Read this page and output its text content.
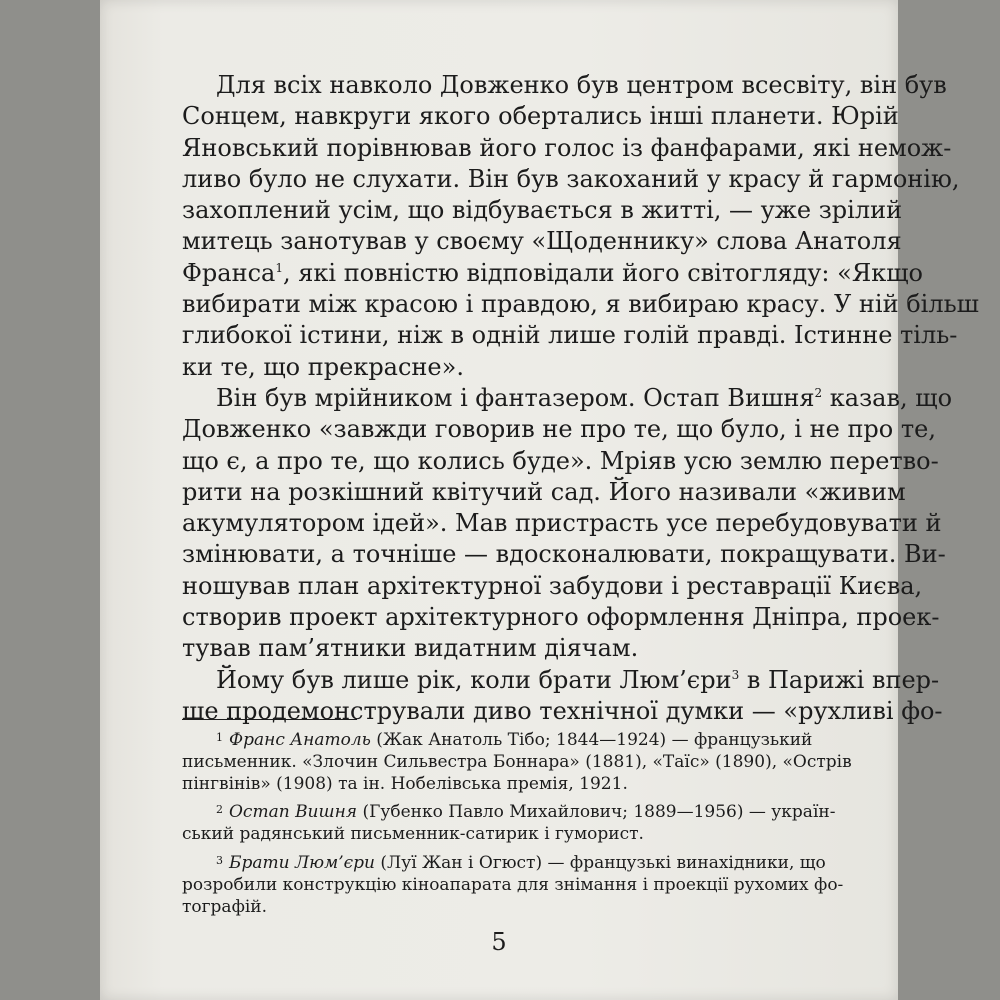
Для всіх навколо Довженко був центром всесвіту, він був
Сонцем, навкруги якого обертались інші планети. Юрій
Яновський порівнював його голос із фанфарами, які немож-
ливо було не слухати. Він був закоханий у красу й гармонію,
захоплений усім, що відбувається в житті, — уже зрілий
митець занотував у своєму «Щоденнику» слова Анатоля
Франса$^1$, які повністю відповідали його світогляду: «Якщо
вибирати між красою і правдою, я вибираю красу. У ній більш
глибокої істини, ніж в одній лише голій правді. Істинне тіль-
ки те, що прекрасне».
Він був мрійником і фантазером. Остап Вишня$^2$ казав, що
Довженко «завжди говорив не про те, що було, і не про те,
що є, а про те, що колись буде». Мріяв усю землю перетво-
рити на розкішний квітучий сад. Його називали «живим
акумулятором ідей». Мав пристрасть усе перебудовувати й
змінювати, а точніше — вдосконалювати, покращувати. Ви-
ношував план архітектурної забудови і реставрації Києва,
створив проект архітектурного оформлення Дніпра, проек-
тував пам’ятники видатним діячам.
Йому був лише рік, коли брати Люм’єри$^3$ в Парижі впер-
ше продемонстрували диво технічної думки — «рухливі фо-
$^1$ Франс Анатоль (Жак Анатоль Тібо; 1844—1924) — французький
письменник. «Злочин Сильвестра Боннара» (1881), «Таїс» (1890), «Острів
пінгвінів» (1908) та ін. Нобелівська премія, 1921.
$^2$ Остап Вишня (Губенко Павло Михайлович; 1889—1956) — україн-
ський радянський письменник-сатирик і гуморист.
$^3$ Брати Люм’єри (Луї Жан і Огюст) — французькі винахідники, що
розробили конструкцію кіноапарата для знімання і проекції рухомих фо-
тографій.
5
